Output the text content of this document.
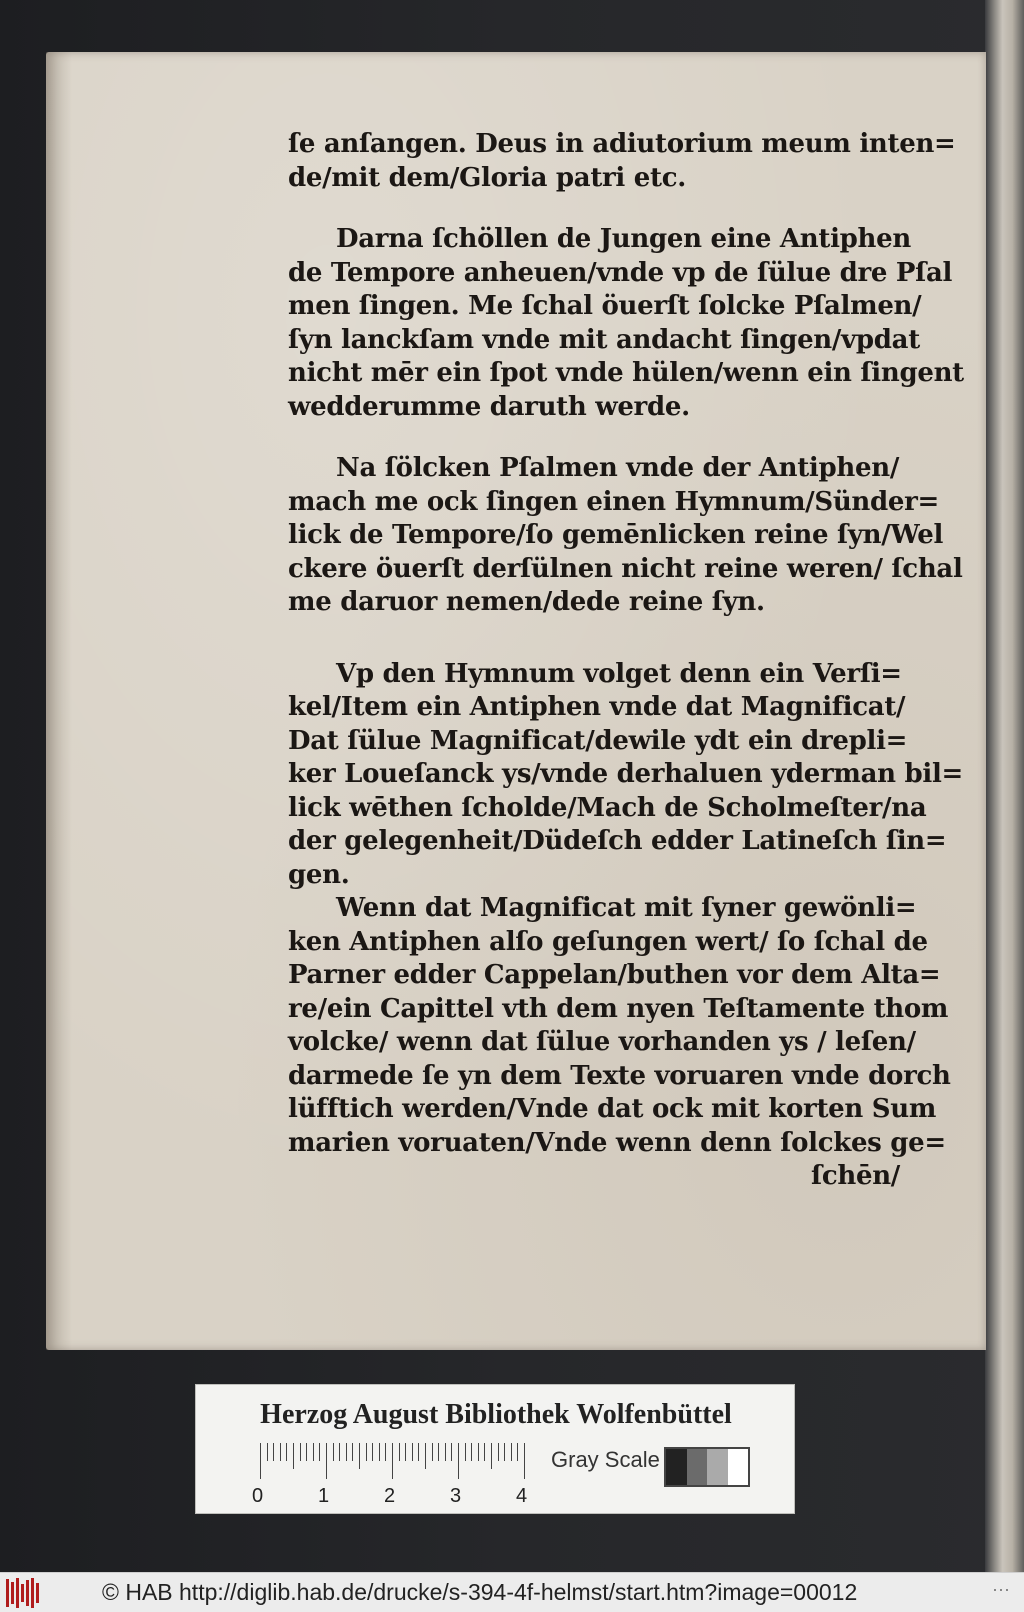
ſe anſangen. Deus in adiutorium meum inten=
de/mit dem/Gloria patri etc.
Darna ſchöllen de Jungen eine Antiphen
de Tempore anheuen/vnde vp de ſülue dre Pſal
men ſingen. Me ſchal öuerſt ſolcke Pſalmen/
ſyn lanckſam vnde mit andacht ſingen/vpdat
nicht mēr ein ſpot vnde hülen/wenn ein ſingent
wedderumme daruth werde.
Na ſölcken Pſalmen vnde der Antiphen/
mach me ock ſingen einen Hymnum/Sünder=
lick de Tempore/ſo gemēnlicken reine ſyn/Wel
ckere öuerſt derſülnen nicht reine weren/ ſchal
me daruor nemen/dede reine ſyn.
Vp den Hymnum volget denn ein Verſi=
kel/Item ein Antiphen vnde dat Magnificat/
Dat ſülue Magnificat/dewile ydt ein drepli=
ker Loueſanck ys/vnde derhaluen yderman bil=
lick wēthen ſcholde/Mach de Scholmeſter/na
der gelegenheit/Düdeſch edder Latineſch ſin=
gen.
Wenn dat Magnificat mit ſyner gewönli=
ken Antiphen alſo geſungen wert/ ſo ſchal de
Parner edder Cappelan/buthen vor dem Alta=
re/ein Capittel vth dem nyen Teſtamente thom
volcke/ wenn dat ſülue vorhanden ys / leſen/
darmede ſe yn dem Texte voruaren vnde dorch
lüfftich werden/Vnde dat ock mit korten Sum
marien voruaten/Vnde wenn denn ſolckes ge=
ſchēn/
Herzog August Bibliothek Wolfenbüttel
0	1	2	3	4
Gray Scale
© HAB http://diglib.hab.de/drucke/s-394-4f-helmst/start.htm?image=00012	···
